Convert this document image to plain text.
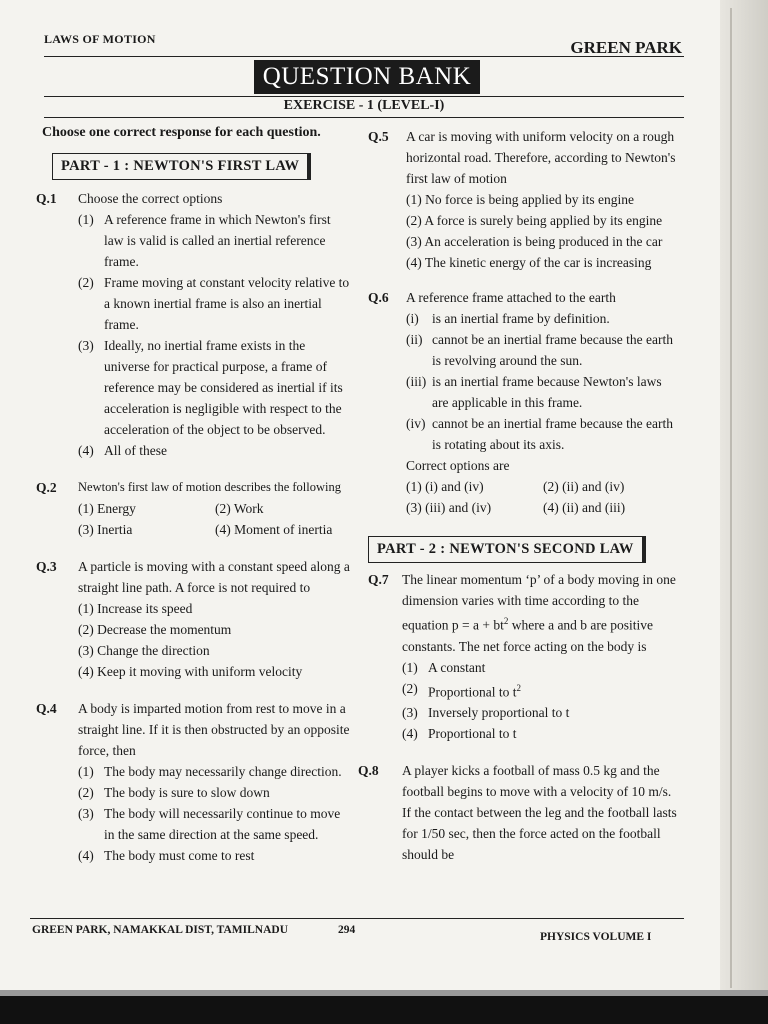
LAWS OF MOTION	GREEN PARK
QUESTION BANK
EXERCISE - 1 (LEVEL-I)

Choose one correct response for each question.

PART - 1 : NEWTON'S FIRST LAW
Q.1	Choose the correct options

(1) A reference frame in which Newton's first law is valid is called an inertial reference frame.
(2) Frame moving at constant velocity relative to a known inertial frame is also an inertial frame.
(3) Ideally, no inertial frame exists in the universe for practical purpose, a frame of reference may be considered as inertial if its acceleration is negligible with respect to the acceleration of the object to be observed.
(4) All of these
Q.2	Newton's first law of motion describes the following

(1) Energy	(2) Work
(3) Inertia	(4) Moment of inertia
Q.3	A particle is moving with a constant speed along a straight line path. A force is not required to

(1) Increase its speed

(2) Decrease the momentum

(3) Change the direction

(4) Keep it moving with uniform velocity

Q.4	A body is imparted motion from rest to move in a straight line. If it is then obstructed by an opposite force, then

(1) The body may necessarily change direction.
(2) The body is sure to slow down
(3) The body will necessarily continue to move in the same direction at the same speed.
(4) The body must come to rest
Q.5	A car is moving with uniform velocity on a rough horizontal road. Therefore, according to Newton's first law of motion

(1) No force is being applied by its engine

(2) A force is surely being applied by its engine

(3) An acceleration is being produced in the car

(4) The kinetic energy of the car is increasing

Q.6	A reference frame attached to the earth

(i) is an inertial frame by definition.
(ii) cannot be an inertial frame because the earth is revolving around the sun.
(iii) is an inertial frame because Newton's laws are applicable in this frame.
(iv) cannot be an inertial frame because the earth is rotating about its axis.

Correct options are

(1) (i) and (iv)	(2) (ii) and (iv)
(3) (iii) and (iv)	(4) (ii) and (iii)
PART - 2 : NEWTON'S SECOND LAW
Q.7 The linear momentum ‘p’ of a body moving in one dimension varies with time according to the equation $p = a + bt^2$ where a and b are positive constants. The net force acting on the body is

(1) A constant
(2) Proportional to $t^2$
(3) Inversely proportional to t
(4) Proportional to t
Q.8	A player kicks a football of mass 0.5 kg and the football begins to move with a velocity of 10 m/s. If the contact between the leg and the football lasts for 1/50 sec, then the force acted on the football should be

GREEN PARK, NAMAKKAL DIST, TAMILNADU	294
PHYSICS VOLUME I
